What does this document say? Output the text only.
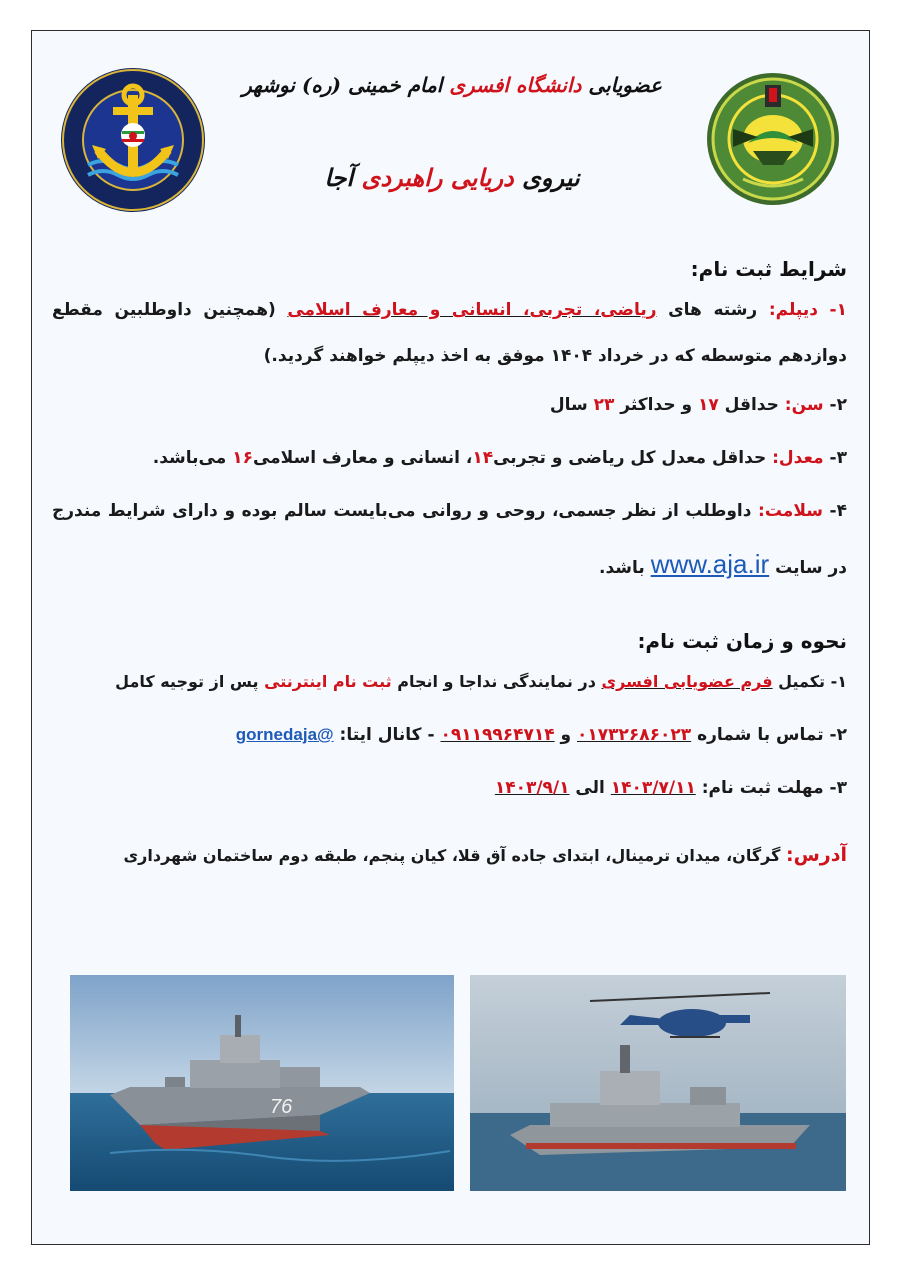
عضویابی دانشگاه افسری امام خمینی (ره) نوشهر
نیروی دریایی راهبردی آجا
شرایط ثبت نام:

۱- دیپلم: رشته های ریاضی، تجربی، انسانی و معارف اسلامی (همچنین داوطلبین مقطع دوازدهم متوسطه که در خرداد ۱۴۰۴ موفق به اخذ دیپلم خواهند گردید.)

۲- سن: حداقل ۱۷ و حداکثر ۲۳ سال

۳- معدل: حداقل معدل کل ریاضی و تجربی۱۴، انسانی و معارف اسلامی۱۶ می‌باشد.

۴- سلامت: داوطلب از نظر جسمی، روحی و روانی می‌بایست سالم بوده و دارای شرایط مندرج در سایت www.aja.ir باشد.

نحوه و زمان ثبت نام:

۱- تکمیل فرم عضویابی افسری در نمایندگی نداجا و انجام ثبت نام اینترنتی پس از توجیه کامل

۲- تماس با شماره ۰۱۷۳۲۶۸۶۰۲۳ و ۰۹۱۱۹۹۶۴۷۱۴ - کانال ایتا: @gornedaja

۳- مهلت ثبت نام: ۱۴۰۳/۷/۱۱ الی ۱۴۰۳/۹/۱

آدرس: گرگان، میدان ترمینال، ابتدای جاده آق قلا، کیان پنجم، طبقه دوم ساختمان شهرداری

76
